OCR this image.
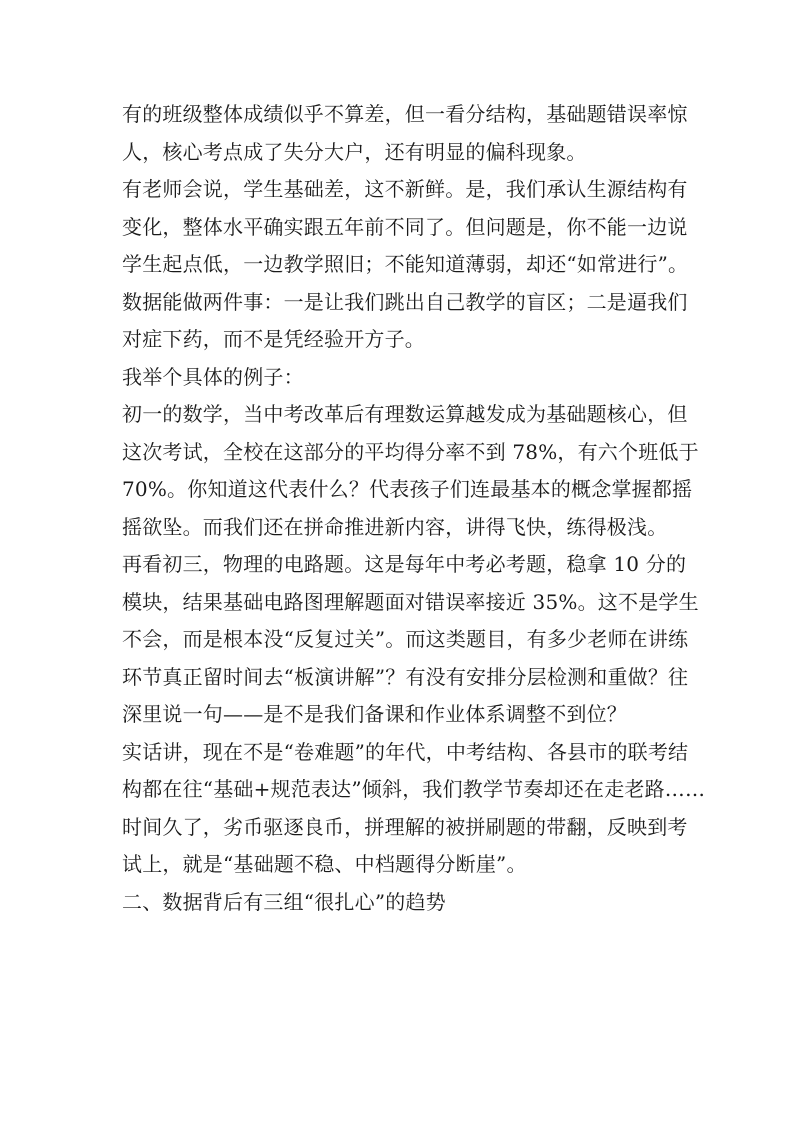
有的班级整体成绩似乎不算差，但一看分结构，基础题错误率惊
人，核心考点成了失分大户，还有明显的偏科现象。

有老师会说，学生基础差，这不新鲜。是，我们承认生源结构有
变化，整体水平确实跟五年前不同了。但问题是，你不能一边说
学生起点低，一边教学照旧；不能知道薄弱，却还“如常进行”。

数据能做两件事：一是让我们跳出自己教学的盲区；二是逼我们
对症下药，而不是凭经验开方子。

我举个具体的例子：

初一的数学，当中考改革后有理数运算越发成为基础题核心，但
这次考试，全校在这部分的平均得分率不到 78%，有六个班低于
70%。你知道这代表什么？代表孩子们连最基本的概念掌握都摇
摇欲坠。而我们还在拼命推进新内容，讲得飞快，练得极浅。

再看初三，物理的电路题。这是每年中考必考题，稳拿 10 分的
模块，结果基础电路图理解题面对错误率接近 35%。这不是学生
不会，而是根本没“反复过关”。而这类题目，有多少老师在讲练
环节真正留时间去“板演讲解”？有没有安排分层检测和重做？往
深里说一句——是不是我们备课和作业体系调整不到位？

实话讲，现在不是“卷难题”的年代，中考结构、各县市的联考结
构都在往“基础+规范表达”倾斜，我们教学节奏却还在走老路……
时间久了，劣币驱逐良币，拼理解的被拼刷题的带翻，反映到考
试上，就是“基础题不稳、中档题得分断崖”。

二、数据背后有三组“很扎心”的趋势
